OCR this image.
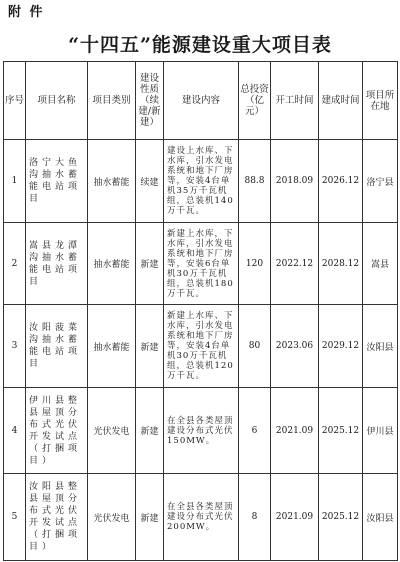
附 件
“十四五”能源建设重大项目表
序号	项目名称	项目类别	建设性质（续建/新建）	建设内容	总投资（亿元）	开工时间	建成时间	项目所在地
1	洛宁大鱼沟抽水蓄能电站项目	抽水蓄能	续建	建设上水库、下水库，引水发电系统和地下厂房等，安装4台单机35万千瓦机组，总装机140万千瓦。	88.8	2018.09	2026.12	洛宁县
2	嵩县龙潭沟抽水蓄能电站项目	抽水蓄能	新建	新建上水库，下水库，引水发电系统和地下厂房等，安装6台单机30万千瓦机组，总装机180万千瓦。	120	2022.12	2028.12	嵩县
3	汝阳菠菜沟抽水蓄能电站项目	抽水蓄能	新建	新建上水库、下水库，引水发电系统和地下厂房等，安装4台单机30万千瓦机组，总装机120万千瓦。	80	2023.06	2029.12	汝阳县
4	伊川县整县屋顶分布式光伏开发试点（打捆项目）	光伏发电	新建	在全县各类屋顶建设分布式光伏150MW。	6	2021.09	2025.12	伊川县
5	汝阳县整县屋顶分布式光伏开发试点（打捆项目）	光伏发电	新建	在全县各类屋顶建设分布式光伏200MW。	8	2021.09	2025.12	汝阳县
